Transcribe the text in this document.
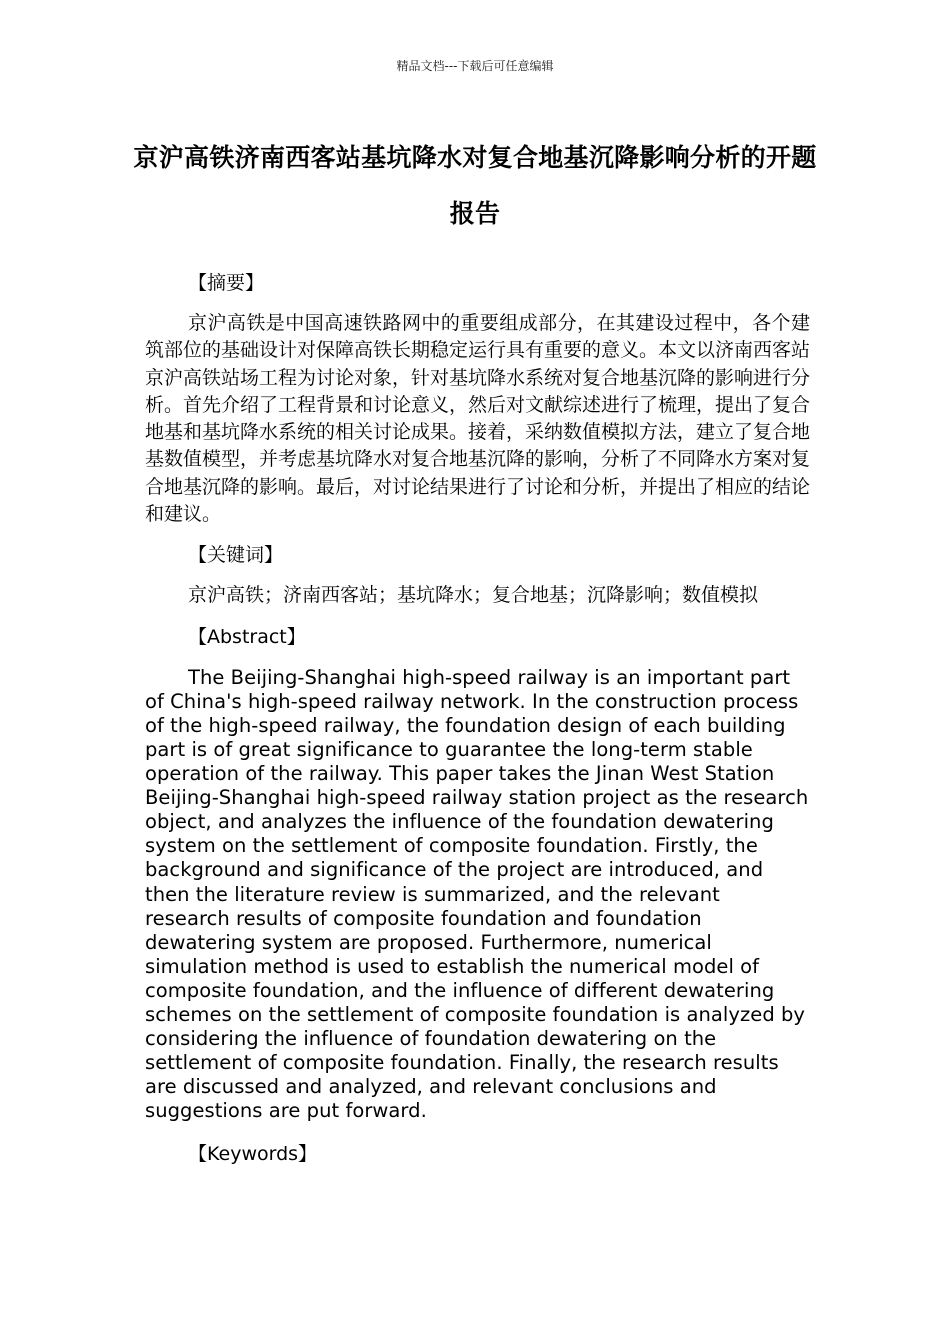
精品文档---下载后可任意编辑
京沪高铁济南西客站基坑降水对复合地基沉降影响分析的开题报告
【摘要】

京沪高铁是中国高速铁路网中的重要组成部分，在其建设过程中，各个建筑部位的基础设计对保障高铁长期稳定运行具有重要的意义。本文以济南西客站京沪高铁站场工程为讨论对象，针对基坑降水系统对复合地基沉降的影响进行分析。首先介绍了工程背景和讨论意义，然后对文献综述进行了梳理，提出了复合地基和基坑降水系统的相关讨论成果。接着，采纳数值模拟方法，建立了复合地基数值模型，并考虑基坑降水对复合地基沉降的影响，分析了不同降水方案对复合地基沉降的影响。最后，对讨论结果进行了讨论和分析，并提出了相应的结论和建议。

【关键词】

京沪高铁；济南西客站；基坑降水；复合地基；沉降影响；数值模拟

【Abstract】

The Beijing-Shanghai high-speed railway is an important part of China's high-speed railway network. In the construction process of the high-speed railway, the foundation design of each building part is of great significance to guarantee the long-term stable operation of the railway. This paper takes the Jinan West Station Beijing-Shanghai high-speed railway station project as the research object, and analyzes the influence of the foundation dewatering system on the settlement of composite foundation. Firstly, the background and significance of the project are introduced, and then the literature review is summarized, and the relevant research results of composite foundation and foundation dewatering system are proposed. Furthermore, numerical simulation method is used to establish the numerical model of composite foundation, and the influence of different dewatering schemes on the settlement of composite foundation is analyzed by considering the influence of foundation dewatering on the settlement of composite foundation. Finally, the research results are discussed and analyzed, and relevant conclusions and suggestions are put forward.

【Keywords】
